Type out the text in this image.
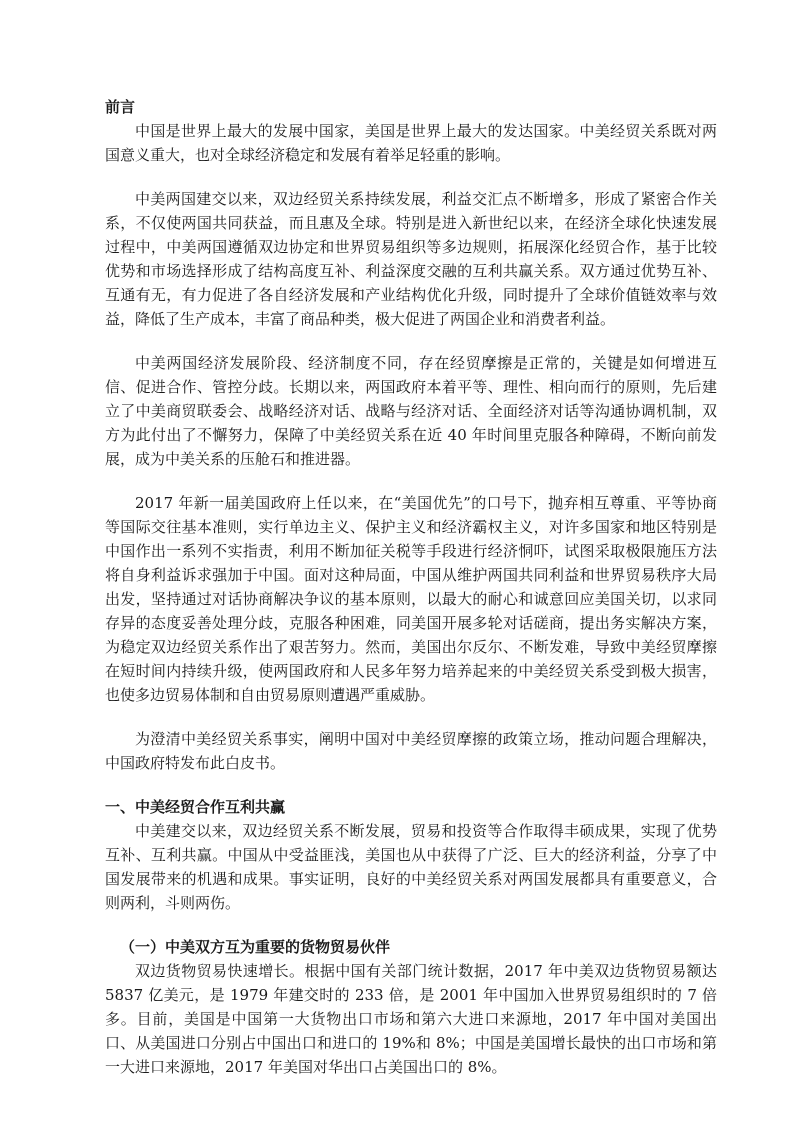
前言

中国是世界上最大的发展中国家，美国是世界上最大的发达国家。中美经贸关系既对两国意义重大，也对全球经济稳定和发展有着举足轻重的影响。

中美两国建交以来，双边经贸关系持续发展，利益交汇点不断增多，形成了紧密合作关系，不仅使两国共同获益，而且惠及全球。特别是进入新世纪以来，在经济全球化快速发展过程中，中美两国遵循双边协定和世界贸易组织等多边规则，拓展深化经贸合作，基于比较优势和市场选择形成了结构高度互补、利益深度交融的互利共赢关系。双方通过优势互补、互通有无，有力促进了各自经济发展和产业结构优化升级，同时提升了全球价值链效率与效益，降低了生产成本，丰富了商品种类，极大促进了两国企业和消费者利益。

中美两国经济发展阶段、经济制度不同，存在经贸摩擦是正常的，关键是如何增进互信、促进合作、管控分歧。长期以来，两国政府本着平等、理性、相向而行的原则，先后建立了中美商贸联委会、战略经济对话、战略与经济对话、全面经济对话等沟通协调机制，双方为此付出了不懈努力，保障了中美经贸关系在近 40 年时间里克服各种障碍，不断向前发展，成为中美关系的压舱石和推进器。

2017 年新一届美国政府上任以来，在“美国优先”的口号下，抛弃相互尊重、平等协商等国际交往基本准则，实行单边主义、保护主义和经济霸权主义，对许多国家和地区特别是中国作出一系列不实指责，利用不断加征关税等手段进行经济恫吓，试图采取极限施压方法将自身利益诉求强加于中国。面对这种局面，中国从维护两国共同利益和世界贸易秩序大局出发，坚持通过对话协商解决争议的基本原则，以最大的耐心和诚意回应美国关切，以求同存异的态度妥善处理分歧，克服各种困难，同美国开展多轮对话磋商，提出务实解决方案，为稳定双边经贸关系作出了艰苦努力。然而，美国出尔反尔、不断发难，导致中美经贸摩擦在短时间内持续升级，使两国政府和人民多年努力培养起来的中美经贸关系受到极大损害，也使多边贸易体制和自由贸易原则遭遇严重威胁。

为澄清中美经贸关系事实，阐明中国对中美经贸摩擦的政策立场，推动问题合理解决，中国政府特发布此白皮书。

一、中美经贸合作互利共赢

中美建交以来，双边经贸关系不断发展，贸易和投资等合作取得丰硕成果，实现了优势互补、互利共赢。中国从中受益匪浅，美国也从中获得了广泛、巨大的经济利益，分享了中国发展带来的机遇和成果。事实证明，良好的中美经贸关系对两国发展都具有重要意义，合则两利，斗则两伤。

（一）中美双方互为重要的货物贸易伙伴

双边货物贸易快速增长。根据中国有关部门统计数据，2017 年中美双边货物贸易额达 5837 亿美元，是 1979 年建交时的 233 倍，是 2001 年中国加入世界贸易组织时的 7 倍多。目前，美国是中国第一大货物出口市场和第六大进口来源地，2017 年中国对美国出口、从美国进口分别占中国出口和进口的 19%和 8%；中国是美国增长最快的出口市场和第一大进口来源地，2017 年美国对华出口占美国出口的 8%。
